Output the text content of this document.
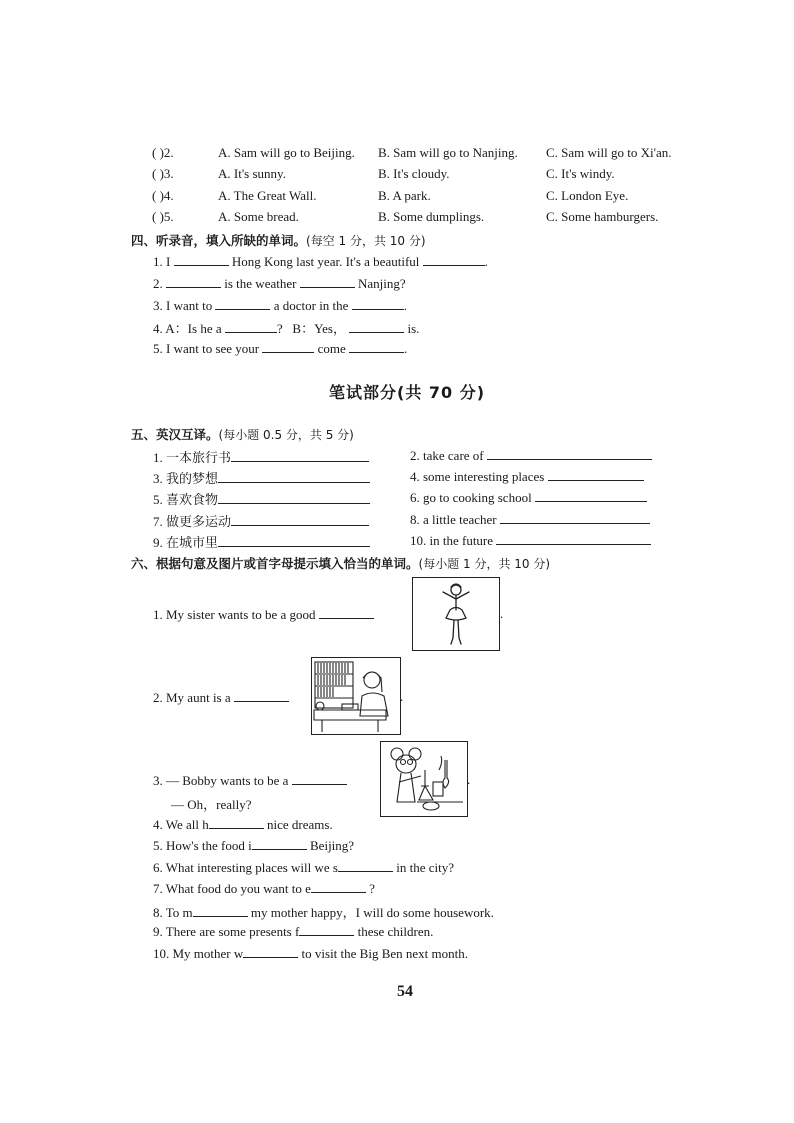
( )2.	A. Sam will go to Beijing. B. Sam will go to Nanjing. C. Sam will go to Xi'an.
( )3.	A. It's sunny.	B. It's cloudy.	C. It's windy.
( )4.	A. The Great Wall.	B. A park.	C. London Eye.
( )5.	A. Some bread.	B. Some dumplings.	C. Some hamburgers.
四、听录音，填入所缺的单词。(每空 1 分，共 10 分)
1. I	Hong Kong last year. It's a beautiful	.
2.	is the weather	Nanjing?
3. I want to	a doctor in the	.
4. A：Is he a	? B：Yes，	is.
5. I want to see your	come	.
笔试部分(共 70 分)
五、英汉互译。(每小题 0.5 分，共 5 分)
1. 一本旅行书	2. take care of
3. 我的梦想	4. some interesting places
5. 喜欢食物	6. go to cooking school
7. 做更多运动	8. a little teacher
9. 在城市里	10. in the future
六、根据句意及图片或首字母提示填入恰当的单词。(每小题 1 分，共 10 分)
1. My sister wants to be a good	.
2. My aunt is a	.
3. — Bobby wants to be a	.
— Oh，really?
4. We all h	nice dreams.
5. How's the food i	Beijing?
6. What interesting places will we s	in the city?
7. What food do you want to e	?
8. To m	my mother happy，I will do some housework.
9. There are some presents f	these children.
10. My mother w	to visit the Big Ben next month.
54
